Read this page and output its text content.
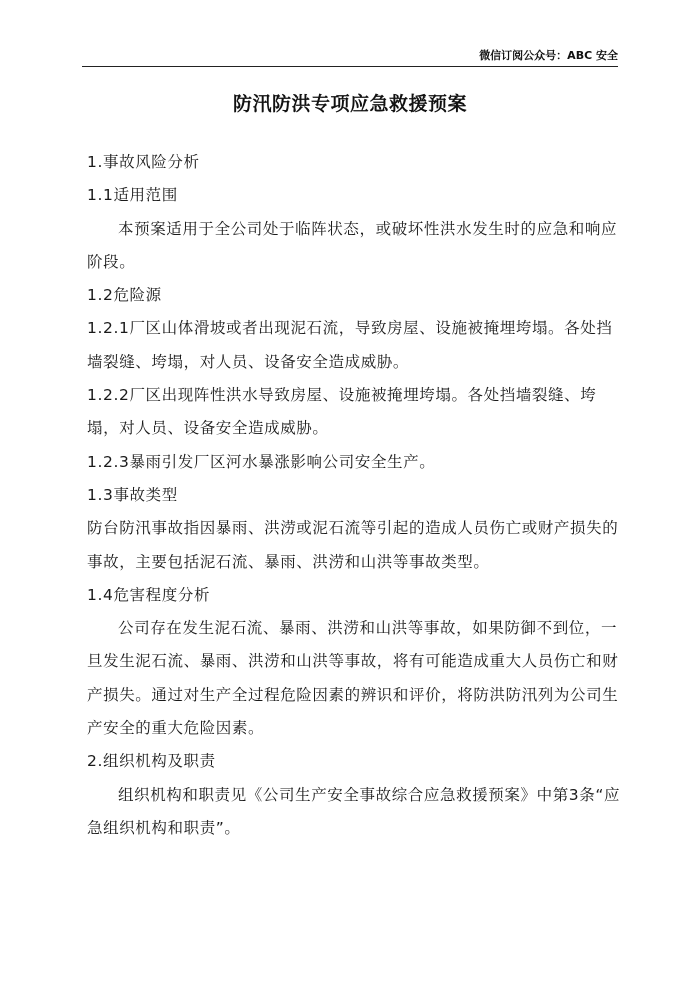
微信订阅公众号：ABC 安全
防汛防洪专项应急救援预案

1.事故风险分析

1.1适用范围

本预案适用于全公司处于临阵状态，或破坏性洪水发生时的应急和响应阶段。

1.2危险源

1.2.1厂区山体滑坡或者出现泥石流，导致房屋、设施被掩埋垮塌。各处挡墙裂缝、垮塌，对人员、设备安全造成威胁。

1.2.2厂区出现阵性洪水导致房屋、设施被掩埋垮塌。各处挡墙裂缝、垮塌，对人员、设备安全造成威胁。

1.2.3暴雨引发厂区河水暴涨影响公司安全生产。

1.3事故类型

防台防汛事故指因暴雨、洪涝或泥石流等引起的造成人员伤亡或财产损失的事故，主要包括泥石流、暴雨、洪涝和山洪等事故类型。

1.4危害程度分析

公司存在发生泥石流、暴雨、洪涝和山洪等事故，如果防御不到位，一旦发生泥石流、暴雨、洪涝和山洪等事故，将有可能造成重大人员伤亡和财产损失。通过对生产全过程危险因素的辨识和评价，将防洪防汛列为公司生产安全的重大危险因素。

2.组织机构及职责

组织机构和职责见《公司生产安全事故综合应急救援预案》中第3条“应急组织机构和职责”。
